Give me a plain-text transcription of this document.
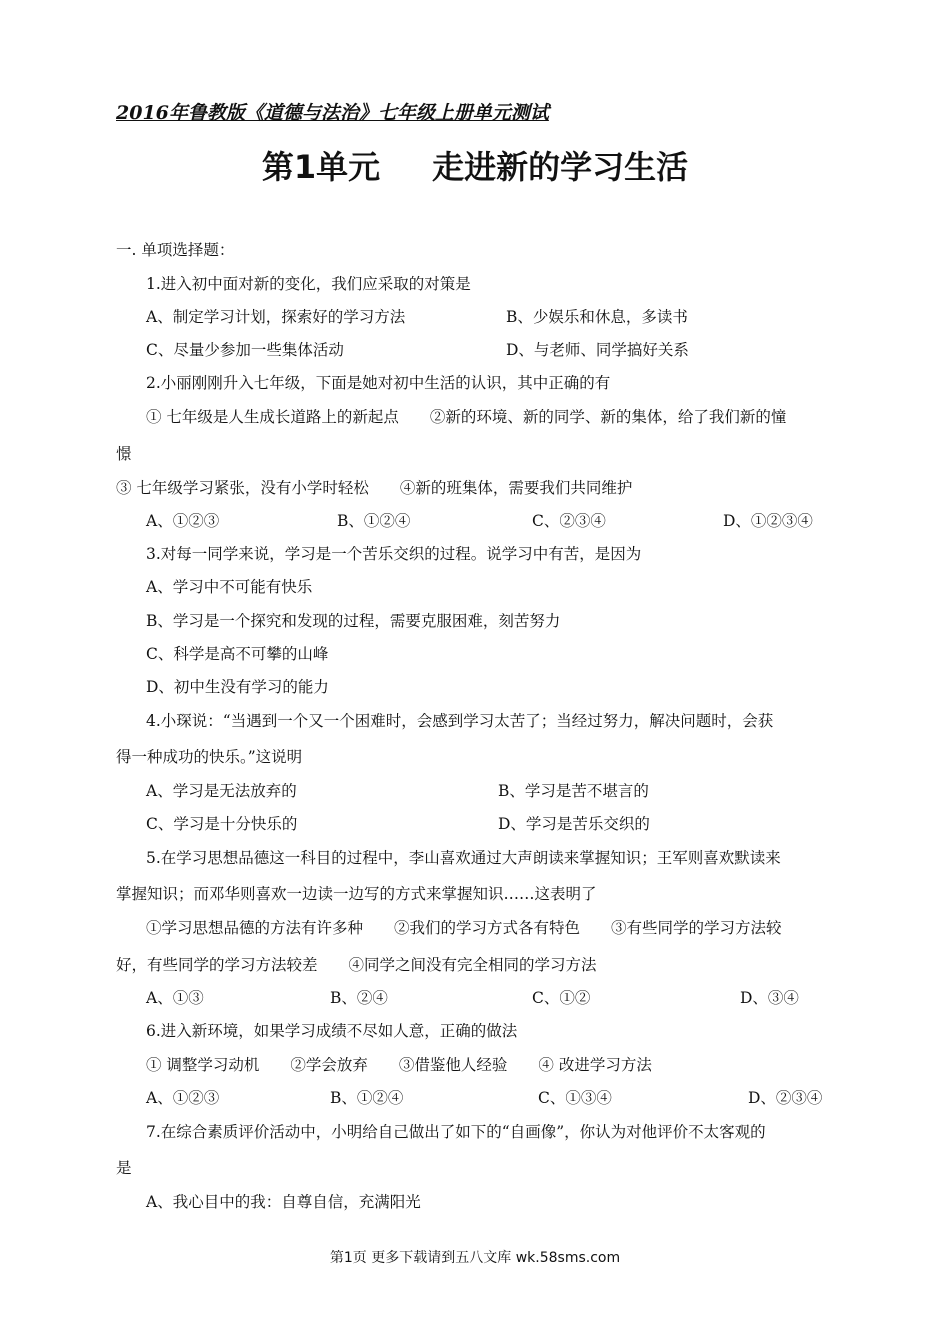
2016年鲁教版《道德与法治》七年级上册单元测试
第1单元 走进新的学习生活
一. 单项选择题：
1.进入初中面对新的变化，我们应采取的对策是
A、制定学习计划，探索好的学习方法	B、少娱乐和休息，多读书
C、尽量少参加一些集体活动	D、与老师、同学搞好关系
2.小丽刚刚升入七年级，下面是她对初中生活的认识，其中正确的有
① 七年级是人生成长道路上的新起点　　②新的环境、新的同学、新的集体，给了我们新的憧
憬
③ 七年级学习紧张，没有小学时轻松　　④新的班集体，需要我们共同维护
A、①②③	B、①②④	C、②③④	D、①②③④
3.对每一同学来说，学习是一个苦乐交织的过程。说学习中有苦，是因为
A、学习中不可能有快乐
B、学习是一个探究和发现的过程，需要克服困难，刻苦努力
C、科学是高不可攀的山峰
D、初中生没有学习的能力
4.小琛说：“当遇到一个又一个困难时，会感到学习太苦了；当经过努力，解决问题时，会获
得一种成功的快乐。”这说明
A、学习是无法放弃的	B、学习是苦不堪言的
C、学习是十分快乐的	D、学习是苦乐交织的
5.在学习思想品德这一科目的过程中，李山喜欢通过大声朗读来掌握知识；王军则喜欢默读来
掌握知识；而邓华则喜欢一边读一边写的方式来掌握知识……这表明了
①学习思想品德的方法有许多种　　②我们的学习方式各有特色　　③有些同学的学习方法较
好，有些同学的学习方法较差　　④同学之间没有完全相同的学习方法
A、①③	B、②④	C、①②	D、③④
6.进入新环境，如果学习成绩不尽如人意，正确的做法
① 调整学习动机　　②学会放弃　　③借鉴他人经验　　④ 改进学习方法
A、①②③	B、①②④	C、①③④	D、②③④
7.在综合素质评价活动中，小明给自己做出了如下的“自画像”，你认为对他评价不太客观的
是
A、我心目中的我：自尊自信，充满阳光
第1页 更多下载请到五八文库 wk.58sms.com
